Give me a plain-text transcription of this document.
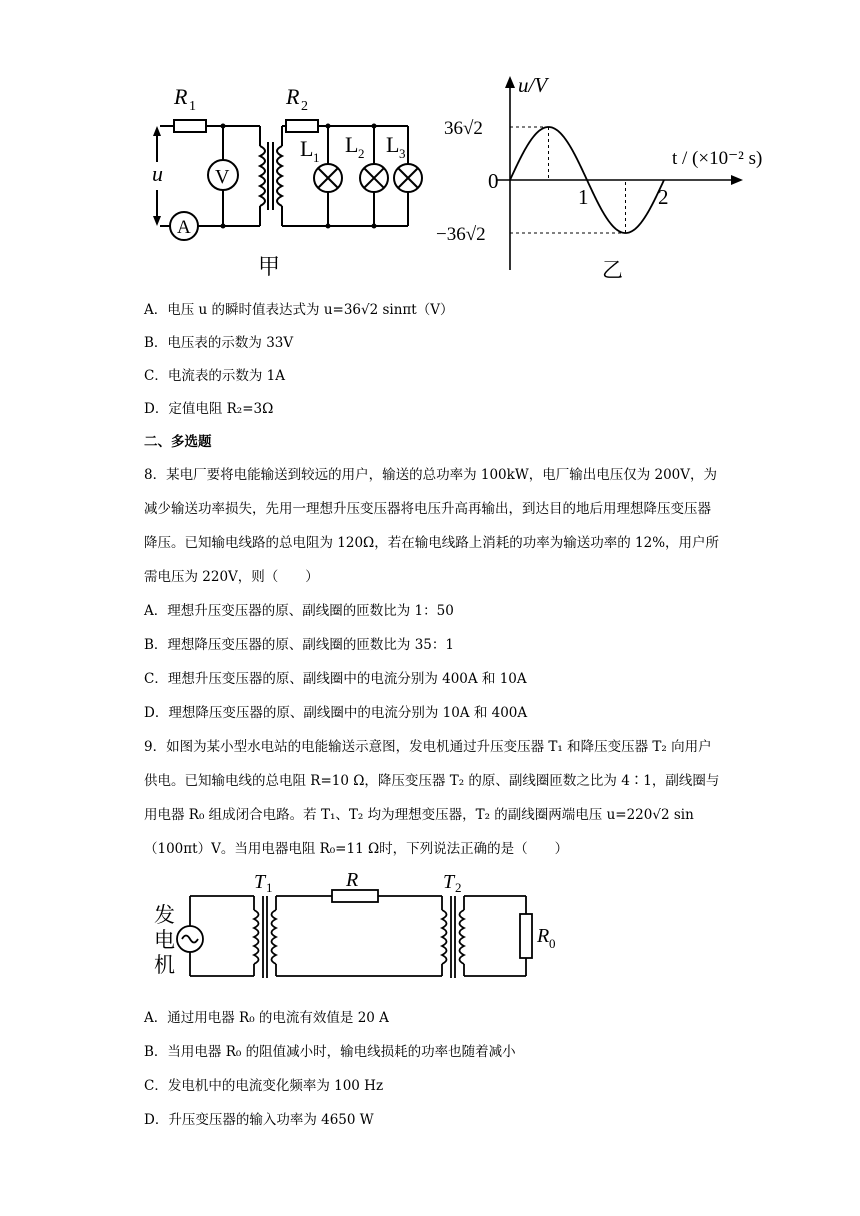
R 1	R 2
u	V
A
L 1
L 2 L 3
甲
u/V
t / (×10⁻² s)
36√2
0
−36√2
1	2
乙
A．电压 u 的瞬时值表达式为 u=36√2 sinπt（V）
B．电压表的示数为 33V
C．电流表的示数为 1A
D．定值电阻 R₂=3Ω
二、多选题
8．某电厂要将电能输送到较远的用户，输送的总功率为 100kW，电厂输出电压仅为 200V，为减少输送功率损失，先用一理想升压变压器将电压升高再输出，到达目的地后用理想降压变压器降压。已知输电线路的总电阻为 120Ω，若在输电线路上消耗的功率为输送功率的 12%，用户所需电压为 220V，则（　　）
A．理想升压变压器的原、副线圈的匝数比为 1：50
B．理想降压变压器的原、副线圈的匝数比为 35：1
C．理想升压变压器的原、副线圈中的电流分别为 400A 和 10A
D．理想降压变压器的原、副线圈中的电流分别为 10A 和 400A
9．如图为某小型水电站的电能输送示意图，发电机通过升压变压器 T₁ 和降压变压器 T₂ 向用户供电。已知输电线的总电阻 R=10 Ω，降压变压器 T₂ 的原、副线圈匝数之比为 4∶1，副线圈与用电器 R₀ 组成闭合电路。若 T₁、T₂ 均为理想变压器，T₂ 的副线圈两端电压 u=220√2 sin（100πt）V。当用电器电阻 R₀=11 Ω时，下列说法正确的是（　　）
T 1	R	T 2
R 0
发
电
机
A．通过用电器 R₀ 的电流有效值是 20 A
B．当用电器 R₀ 的阻值减小时，输电线损耗的功率也随着减小
C．发电机中的电流变化频率为 100 Hz
D．升压变压器的输入功率为 4650 W
